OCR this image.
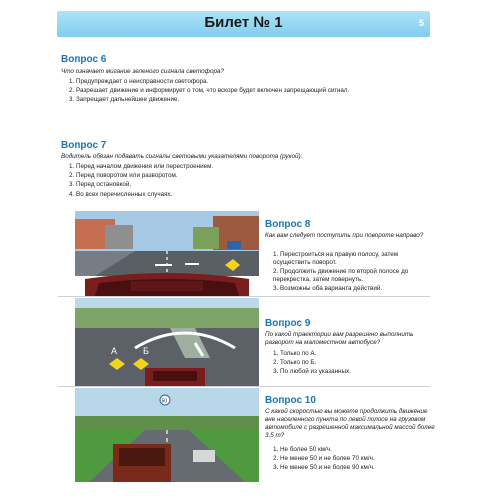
Билет № 1	5
Вопрос 6
Что означает мигание зеленого сигнала светофора?
1. Предупреждает о неисправности светофора.
2. Разрешает движение и информирует о том, что вскоре будет включен запрещающий сигнал.
3. Запрещает дальнейшее движение.
Вопрос 7
Водитель обязан подавать сигналы световыми указателями поворота (рукой):
1. Перед началом движения или перестроением.
2. Перед поворотом или разворотом.
3. Перед остановкой.
4. Во всех перечисленных случаях.
Вопрос 8
Как вам следует поступить при повороте направо?
1. Перестроиться на правую полосу, затем осуществить поворот.
2. Продолжить движение по второй полосе до перекрестка, затем повернуть.
3. Возможны оба варианта действий.
А	Б
Вопрос 9
По какой траектории вам разрешено выполнить разворот на маломестном автобусе?
1. Только по А.
2. Только по Б.
3. По любой из указанных.
50	Вопрос 10
С какой скоростью вы можете продолжить движение вне населенного пункта по левой полосе на грузовом автомобиле с разрешенной максимальной массой более 3,5 т?
1. Не более 50 км/ч.
2. Не менее 50 и не более 70 км/ч.
3. Не менее 50 и не более 90 км/ч.
